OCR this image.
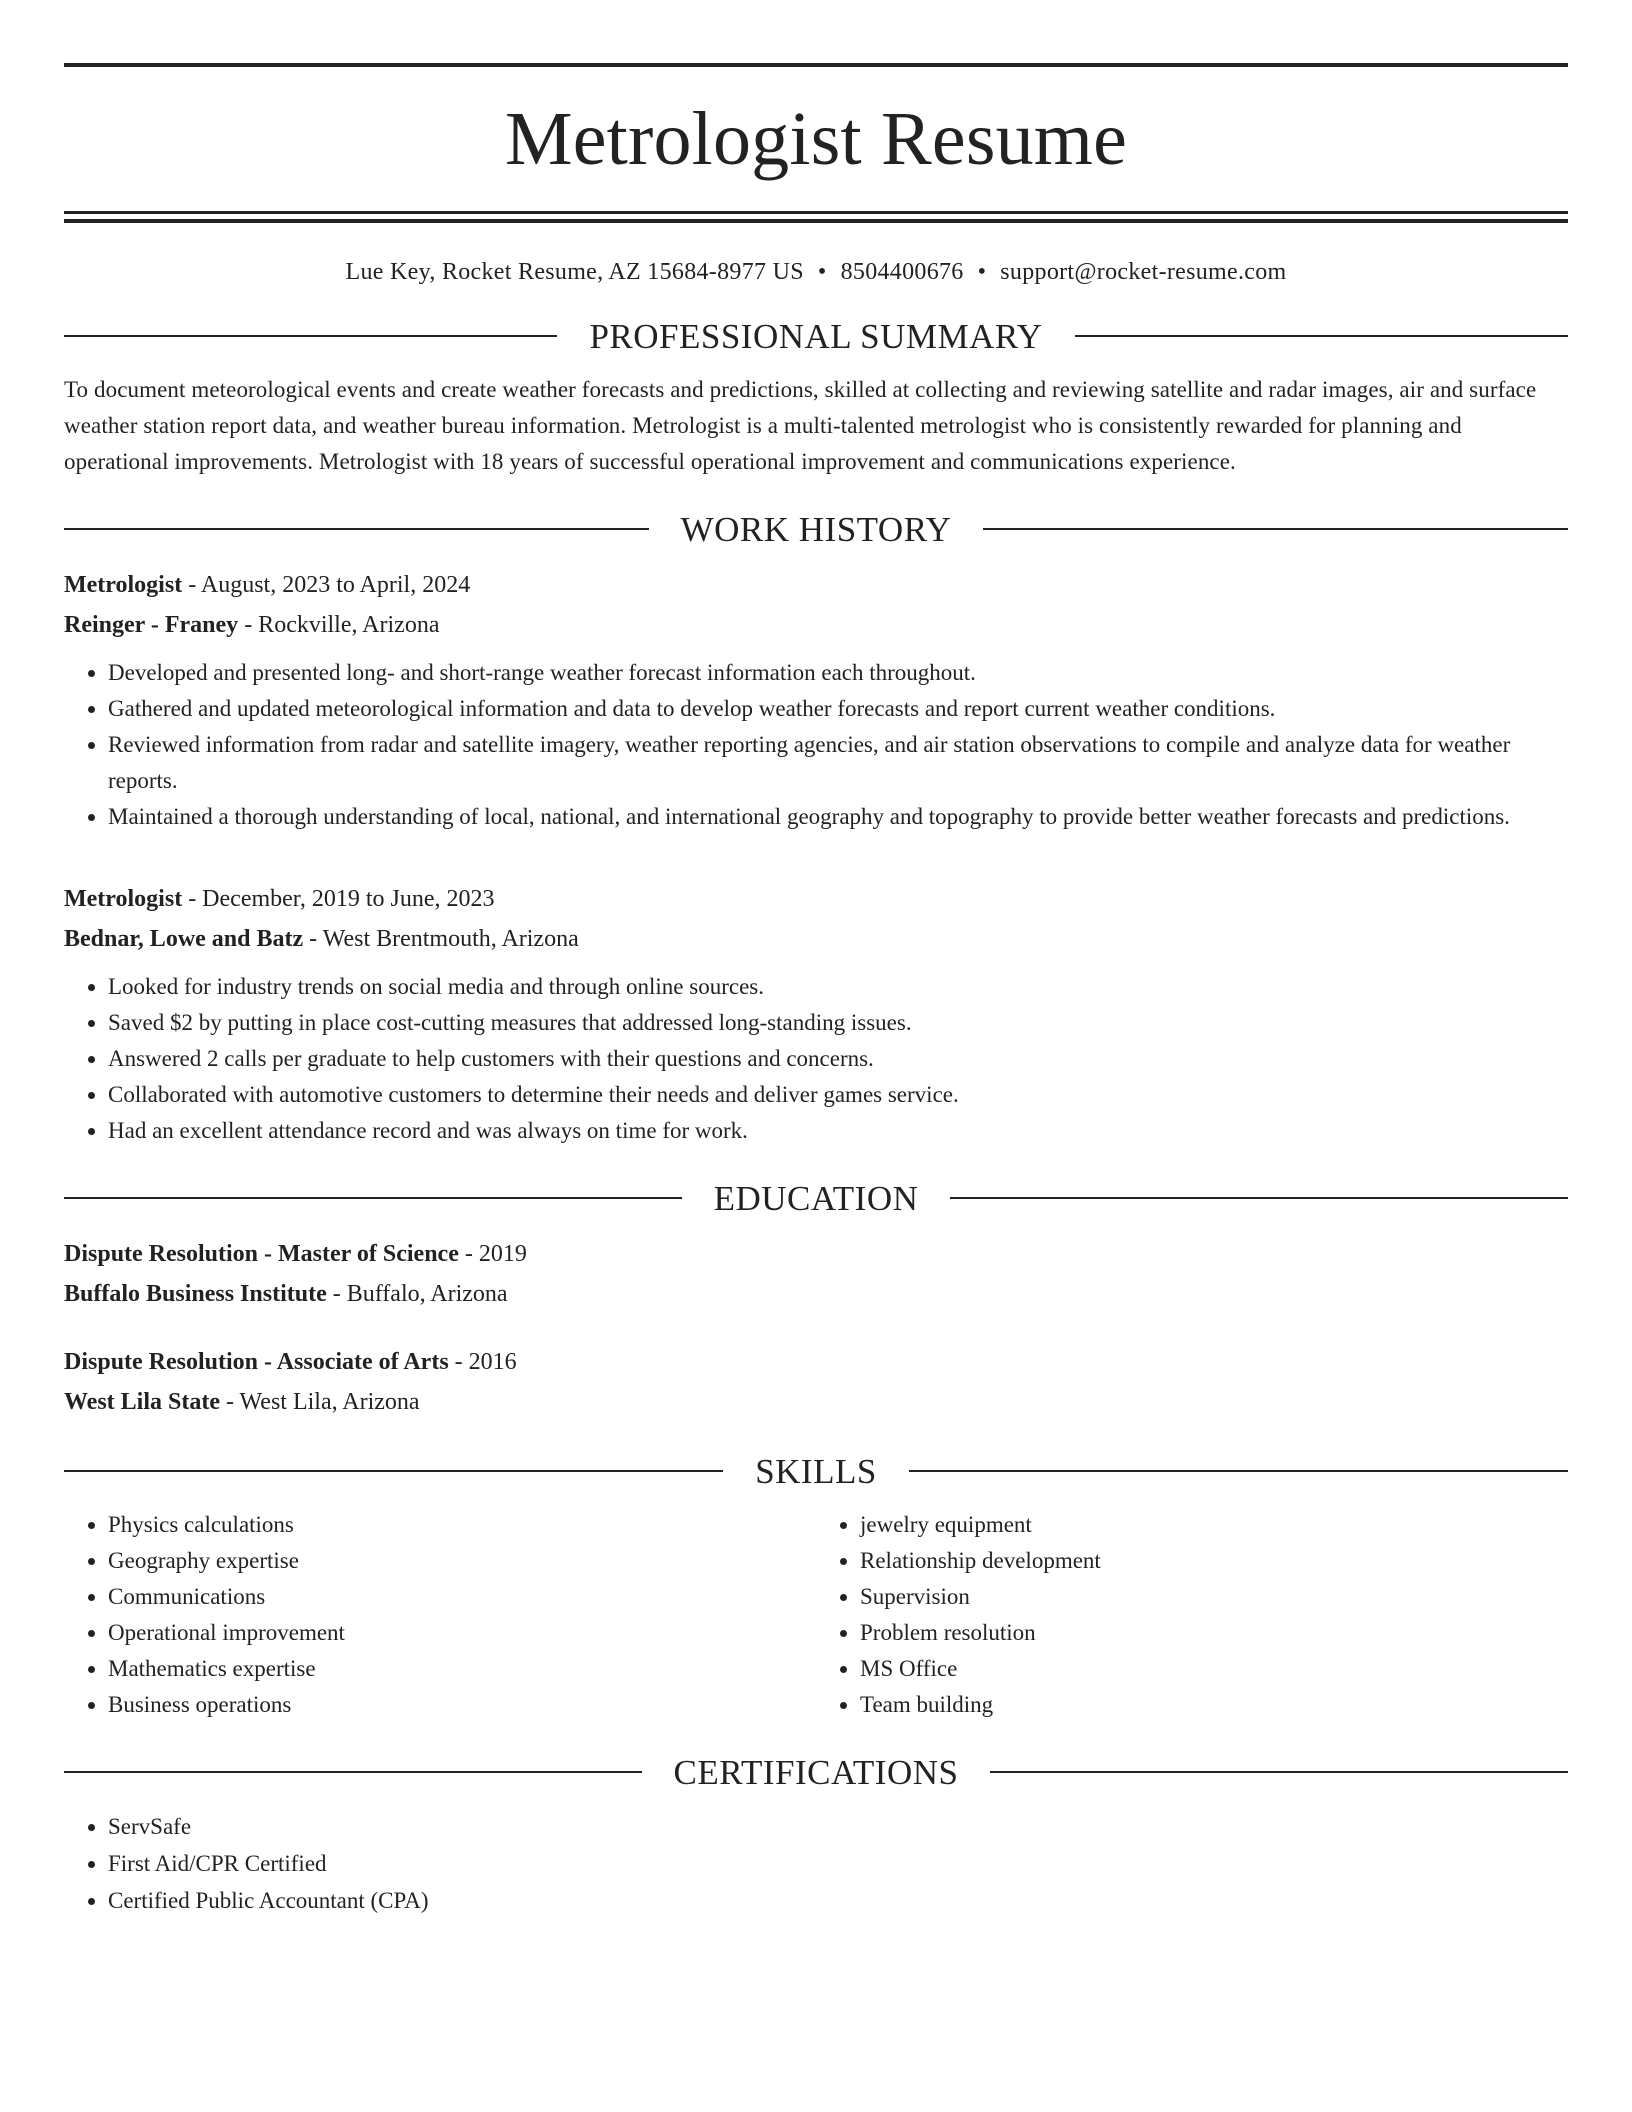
Metrologist Resume
Lue Key, Rocket Resume, AZ 15684-8977 US • 8504400676 • support@rocket-resume.com
PROFESSIONAL SUMMARY

To document meteorological events and create weather forecasts and predictions, skilled at collecting and reviewing satellite and radar images, air and surface weather station report data, and weather bureau information. Metrologist is a multi-talented metrologist who is consistently rewarded for planning and operational improvements. Metrologist with 18 years of successful operational improvement and communications experience.

WORK HISTORY
Metrologist - August, 2023 to April, 2024
Reinger - Franey - Rockville, Arizona
• Developed and presented long- and short-range weather forecast information each throughout.
• Gathered and updated meteorological information and data to develop weather forecasts and report current weather conditions.
• Reviewed information from radar and satellite imagery, weather reporting agencies, and air station observations to compile and analyze data for weather reports.
• Maintained a thorough understanding of local, national, and international geography and topography to provide better weather forecasts and predictions.
Metrologist - December, 2019 to June, 2023
Bednar, Lowe and Batz - West Brentmouth, Arizona
• Looked for industry trends on social media and through online sources.
• Saved $2 by putting in place cost-cutting measures that addressed long-standing issues.
• Answered 2 calls per graduate to help customers with their questions and concerns.
• Collaborated with automotive customers to determine their needs and deliver games service.
• Had an excellent attendance record and was always on time for work.
EDUCATION
Dispute Resolution - Master of Science - 2019
Buffalo Business Institute - Buffalo, Arizona
Dispute Resolution - Associate of Arts - 2016
West Lila State - West Lila, Arizona
SKILLS
• Physics calculations
• Geography expertise
• Communications
• Operational improvement
• Mathematics expertise
• Business operations
• jewelry equipment
• Relationship development
• Supervision
• Problem resolution
• MS Office
• Team building
CERTIFICATIONS
• ServSafe
• First Aid/CPR Certified
• Certified Public Accountant (CPA)
